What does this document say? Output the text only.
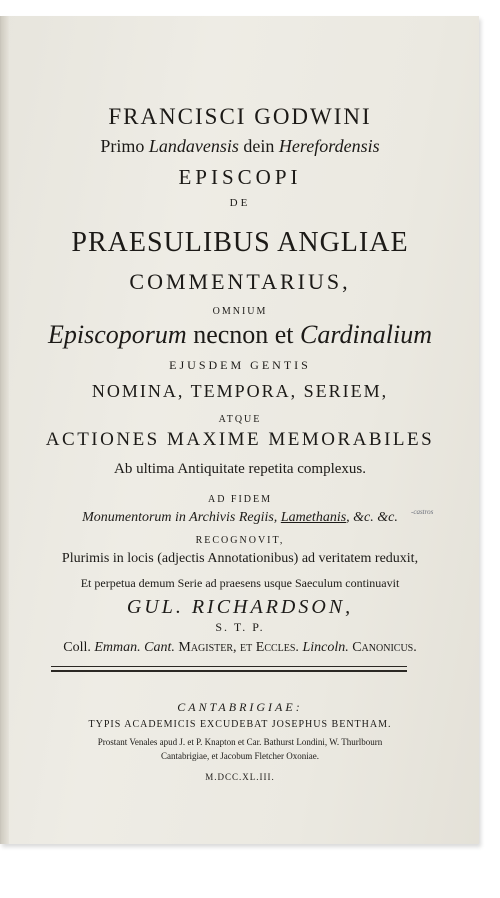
FRANCISCI GODWINI
Primo Landavensis dein Herefordensis
EPISCOPI
DE
PRAESULIBUS ANGLIAE
COMMENTARIUS,
OMNIUM
Episcoporum necnon et Cardinalium
EJUSDEM GENTIS
NOMINA, TEMPORA, SERIEM,
ATQUE
ACTIONES MAXIME MEMORABILES
Ab ultima Antiquitate repetita complexus.
AD FIDEM
Monumentorum in Archivis Regiis, Lamethanis, &c. &c.	-castros
RECOGNOVIT,
Plurimis in locis (adjectis Annotationibus) ad veritatem reduxit,
Et perpetua demum Serie ad praesens usque Saeculum continuavit
GUL. RICHARDSON,
S. T. P.
Coll. Emman. Cant. Magister, et Eccles. Lincoln. Canonicus.
CANTABRIGIAE:
TYPIS ACADEMICIS EXCUDEBAT JOSEPHUS BENTHAM.
Prostant Venales apud J. et P. Knapton et Car. Bathurst Londini, W. Thurlbourn
Cantabrigiae, et Jacobum Fletcher Oxoniae.
M.DCC.XL.III.
